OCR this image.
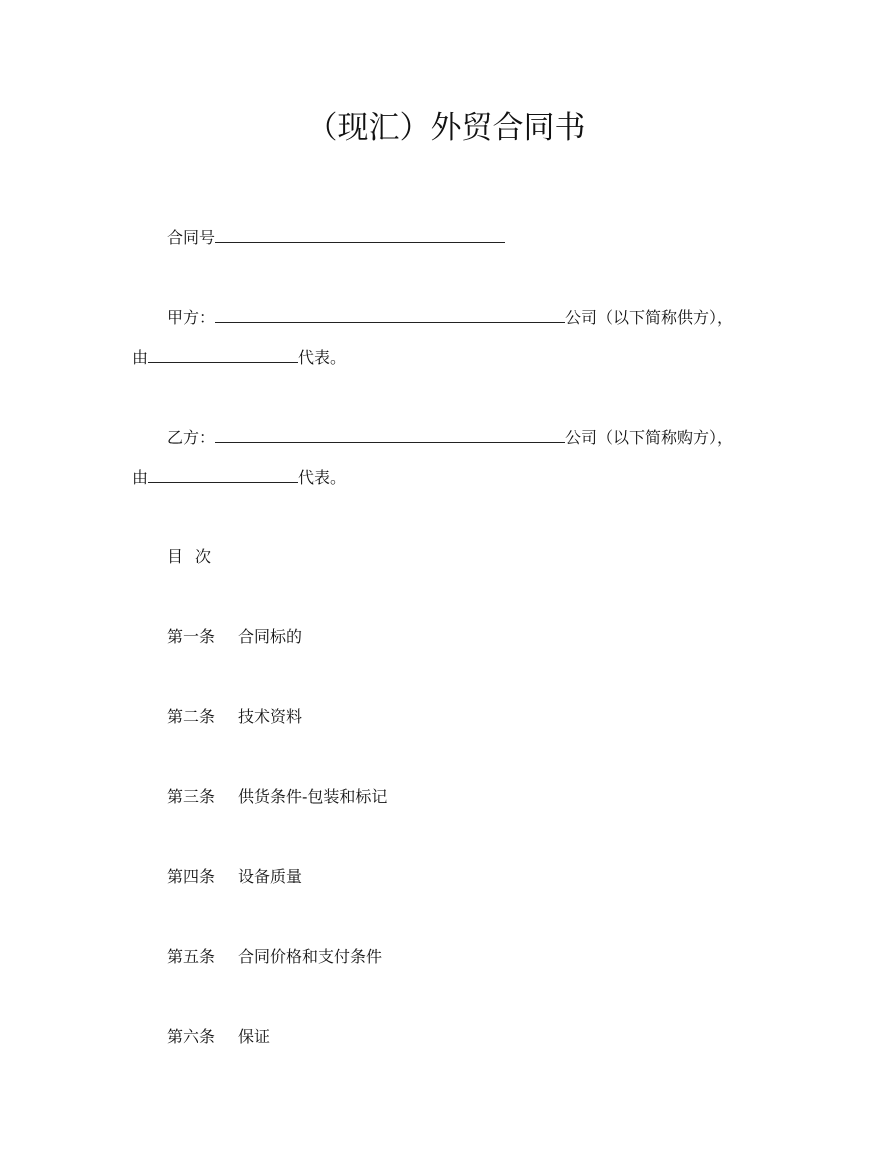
（现汇）外贸合同书
合同号
甲方：	公司（以下简称供方），
由	代表。
乙方：	公司（以下简称购方），
由	代表。
目 次
第一条 合同标的
第二条 技术资料
第三条 供货条件-包装和标记
第四条 设备质量
第五条 合同价格和支付条件
第六条 保证
